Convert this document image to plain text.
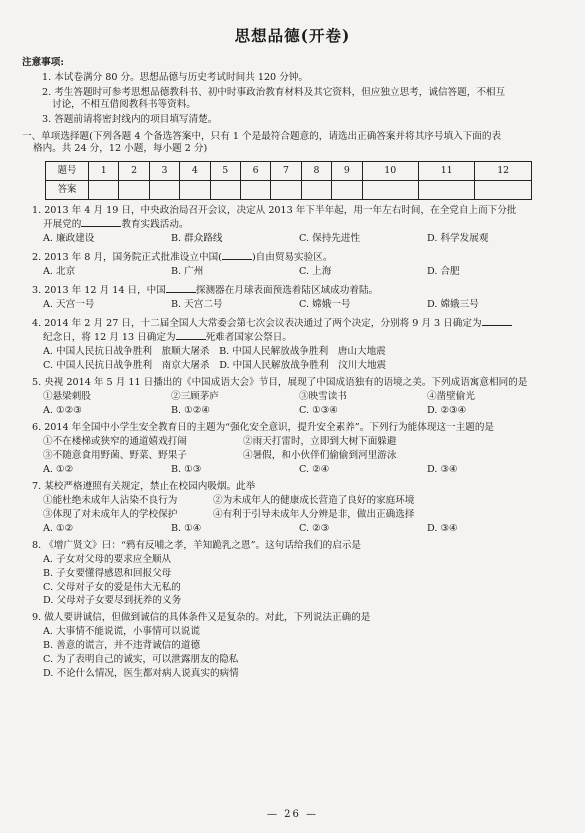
思想品德(开卷)
注意事项:
1. 本试卷满分 80 分。思想品德与历史考试时间共 120 分钟。
2. 考生答题时可参考思想品德教科书、初中时事政治教育材料及其它资料，但应独立思考，诚信答题，不相互
讨论，不相互借阅教科书等资料。
3. 答题前请将密封线内的项目填写清楚。
一、单项选择题(下列各题 4 个备选答案中，只有 1 个是最符合题意的，请选出正确答案并将其序号填入下面的表
格内。共 24 分，12 小题，每小题 2 分)
题号	1	2	3	4	5	6	7	8	9	10	11	12
答案												
1. 2013 年 4 月 19 日，中央政治局召开会议，决定从 2013 年下半年起，用一年左右时间，在全党自上而下分批
开展党的	教育实践活动。
A. 廉政建设	B. 群众路线	C. 保持先进性	D. 科学发展观
2. 2013 年 8 月，国务院正式批准设立中国(	)自由贸易实验区。
A. 北京	B. 广州	C. 上海	D. 合肥
3. 2013 年 12 月 14 日，中国	探测器在月球表面预选着陆区域成功着陆。
A. 天宫一号	B. 天宫二号	C. 嫦娥一号	D. 嫦娥三号
4. 2014 年 2 月 27 日，十二届全国人大常委会第七次会议表决通过了两个决定，分别将 9 月 3 日确定为
纪念日，将 12 月 13 日确定为	死难者国家公祭日。
A. 中国人民抗日战争胜利　旅顺大屠杀　 B. 中国人民解放战争胜利　唐山大地震
C. 中国人民抗日战争胜利　南京大屠杀　 D. 中国人民解放战争胜利　汶川大地震
5. 央视 2014 年 5 月 11 日播出的《中国成语大会》节目，展现了中国成语独有的语境之美。下列成语寓意相同的是
①悬梁刺股	②三顾茅庐	③映雪读书	④凿壁偷光
A. ①②③	B. ①②④	C. ①③④	D. ②③④
6. 2014 年全国中小学生安全教育日的主题为“强化安全意识，提升安全素养”。下列行为能体现这一主题的是
①不在楼梯或狭窄的通道嬉戏打闹	②雨天打雷时，立即到大树下面躲避
③不随意食用野菌、野菜、野果子	④暑假，和小伙伴们偷偷到河里游泳
A. ①②	B. ①③	C. ②④	D. ③④
7. 某校严格遵照有关规定，禁止在校园内吸烟。此举
①能杜绝未成年人沾染不良行为	②为未成年人的健康成长营造了良好的家庭环境
③体现了对未成年人的学校保护	④有利于引导未成年人分辨是非，做出正确选择
A. ①②	B. ①④	C. ②③	D. ③④
8. 《增广贤文》曰：“鸦有反哺之孝，羊知跪乳之恩”。这句话给我们的启示是
A. 子女对父母的要求应全顺从
B. 子女要懂得感恩和回报父母
C. 父母对子女的爱是伟大无私的
D. 父母对子女要尽到抚养的义务
9. 做人要讲诚信，但做到诚信的具体条件又是复杂的。对此，下列说法正确的是
A. 大事情不能说谎，小事情可以说谎
B. 善意的谎言，并不违背诚信的道德
C. 为了表明自己的诚实，可以泄露朋友的隐私
D. 不论什么情况，医生都对病人说真实的病情
— 26 —
